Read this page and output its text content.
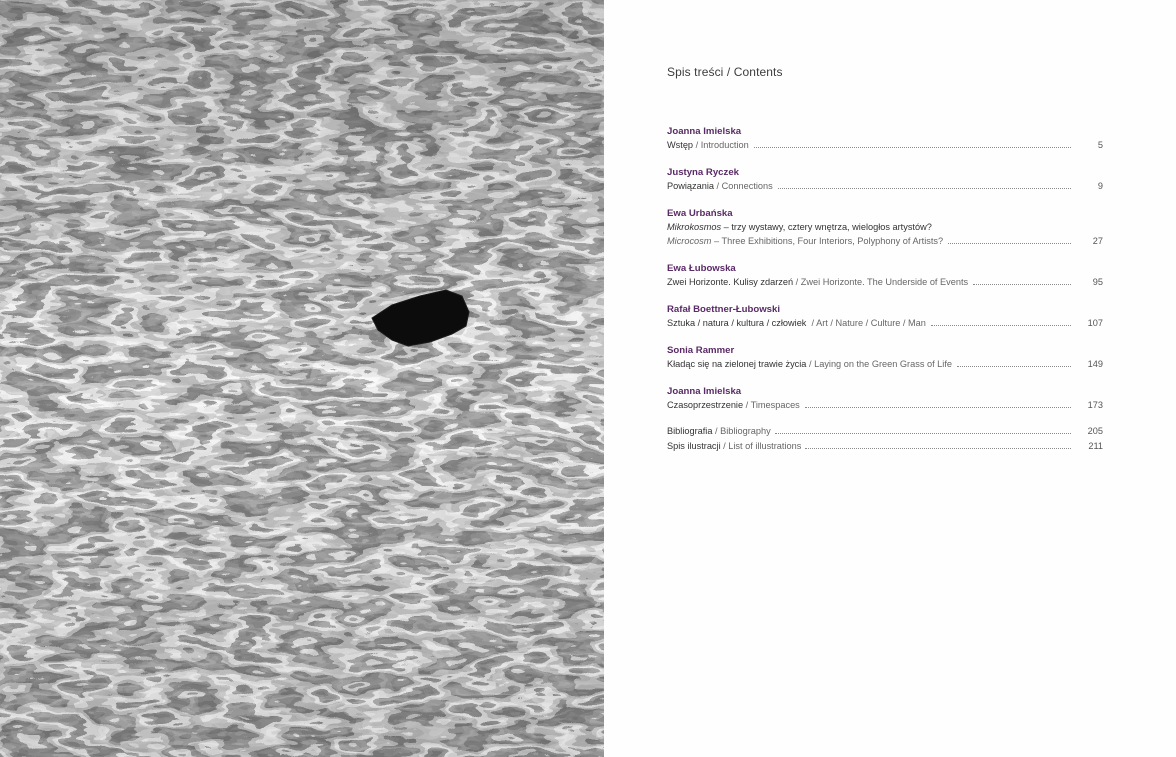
Spis treści / Contents
Joanna Imielska
Wstęp / Introduction	5
Justyna Ryczek
Powiązania / Connections	9
Ewa Urbańska
Mikrokosmos – trzy wystawy, cztery wnętrza, wielogłos artystów?
Microcosm – Three Exhibitions, Four Interiors, Polyphony of Artists?	27
Ewa Łubowska
Zwei Horizonte. Kulisy zdarzeń / Zwei Horizonte. The Underside of Events	95
Rafał Boettner-Łubowski
Sztuka / natura / kultura / człowiek  / Art / Nature / Culture / Man	107
Sonia Rammer
Kładąc się na zielonej trawie życia / Laying on the Green Grass of Life	149
Joanna Imielska
Czasoprzestrzenie / Timespaces	173
Bibliografia / Bibliography	205
Spis ilustracji / List of illustrations	211
